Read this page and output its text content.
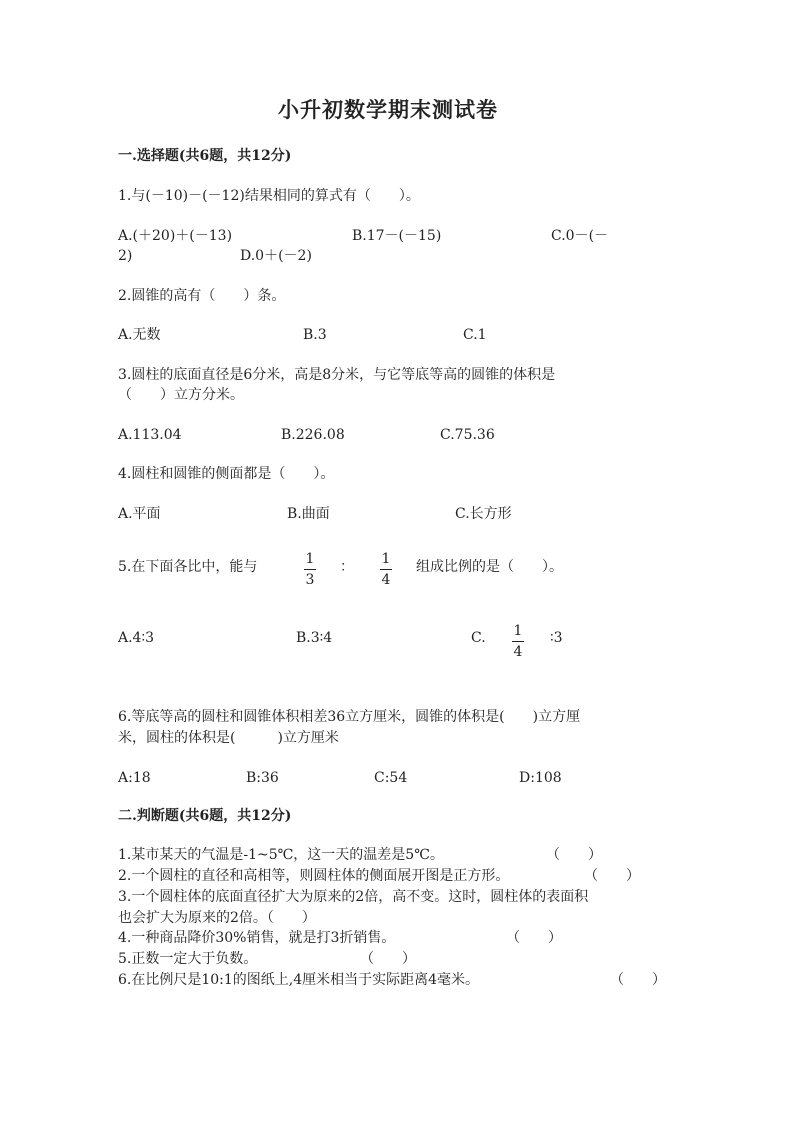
小升初数学期末测试卷
一.选择题(共6题，共12分)
1.与(－10)－(－12)结果相同的算式有（　　）。
A.(＋20)＋(－13)	B.17－(－15)	C.0－(－
2)	D.0＋(－2)
2.圆锥的高有（　　）条。
A.无数	B.3	C.1
3.圆柱的底面直径是6分米，高是8分米，与它等底等高的圆锥的体积是
（　　）立方分米。
A.113.04	B.226.08	C.75.36
4.圆柱和圆锥的侧面都是（　　）。
A.平面	B.曲面	C.长方形
5.在下面各比中，能与	1
3
： 1
4
组成比例的是（　　）。
A.4∶3	B.3∶4	C. 1
4
∶3
6.等底等高的圆柱和圆锥体积相差36立方厘米，圆锥的体积是(　　)立方厘
米，圆柱的体积是(　　　)立方厘米
A:18	B:36	C:54	D:108
二.判断题(共6题，共12分)
1.某市某天的气温是-1~5℃，这一天的温差是5℃。	（　　）
2.一个圆柱的直径和高相等，则圆柱体的侧面展开图是正方形。	（　　）
3.一个圆柱体的底面直径扩大为原来的2倍，高不变。这时，圆柱体的表面积
也会扩大为原来的2倍。（　　）
4.一种商品降价30%销售，就是打3折销售。	（　　）
5.正数一定大于负数。	（　　）
6.在比例尺是10:1的图纸上,4厘米相当于实际距离4毫米。	（　　）
